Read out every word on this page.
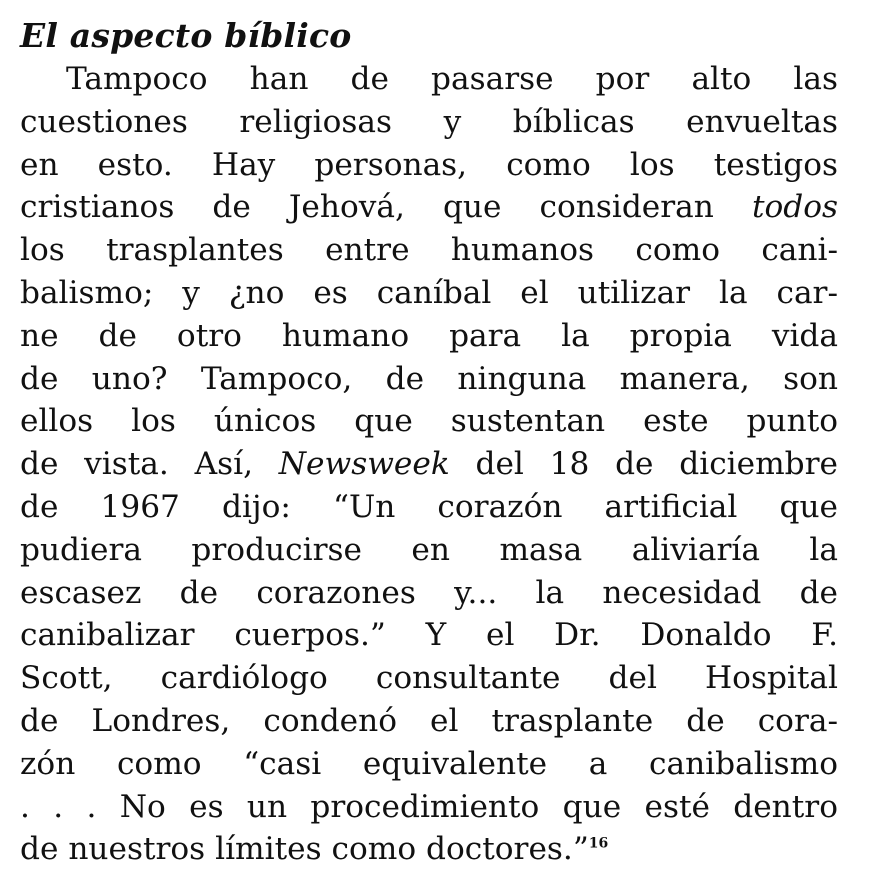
El aspecto bíblico
Tampoco han de pasarse por alto las
cuestiones religiosas y bíblicas envueltas
en esto. Hay personas, como los testigos
cristianos de Jehová, que consideran todos
los trasplantes entre humanos como cani-
balismo; y ¿no es caníbal el utilizar la car-
ne de otro humano para la propia vida
de uno? Tampoco, de ninguna manera, son
ellos los únicos que sustentan este punto
de vista. Así, Newsweek del 18 de diciembre
de 1967 dijo: “Un corazón artificial que
pudiera producirse en masa aliviaría la
escasez de corazones y... la necesidad de
canibalizar cuerpos.” Y el Dr. Donaldo F.
Scott, cardiólogo consultante del Hospital
de Londres, condenó el trasplante de cora-
zón como “casi equivalente a canibalismo
. . . No es un procedimiento que esté dentro
de nuestros límites como doctores.”$^{16}$
